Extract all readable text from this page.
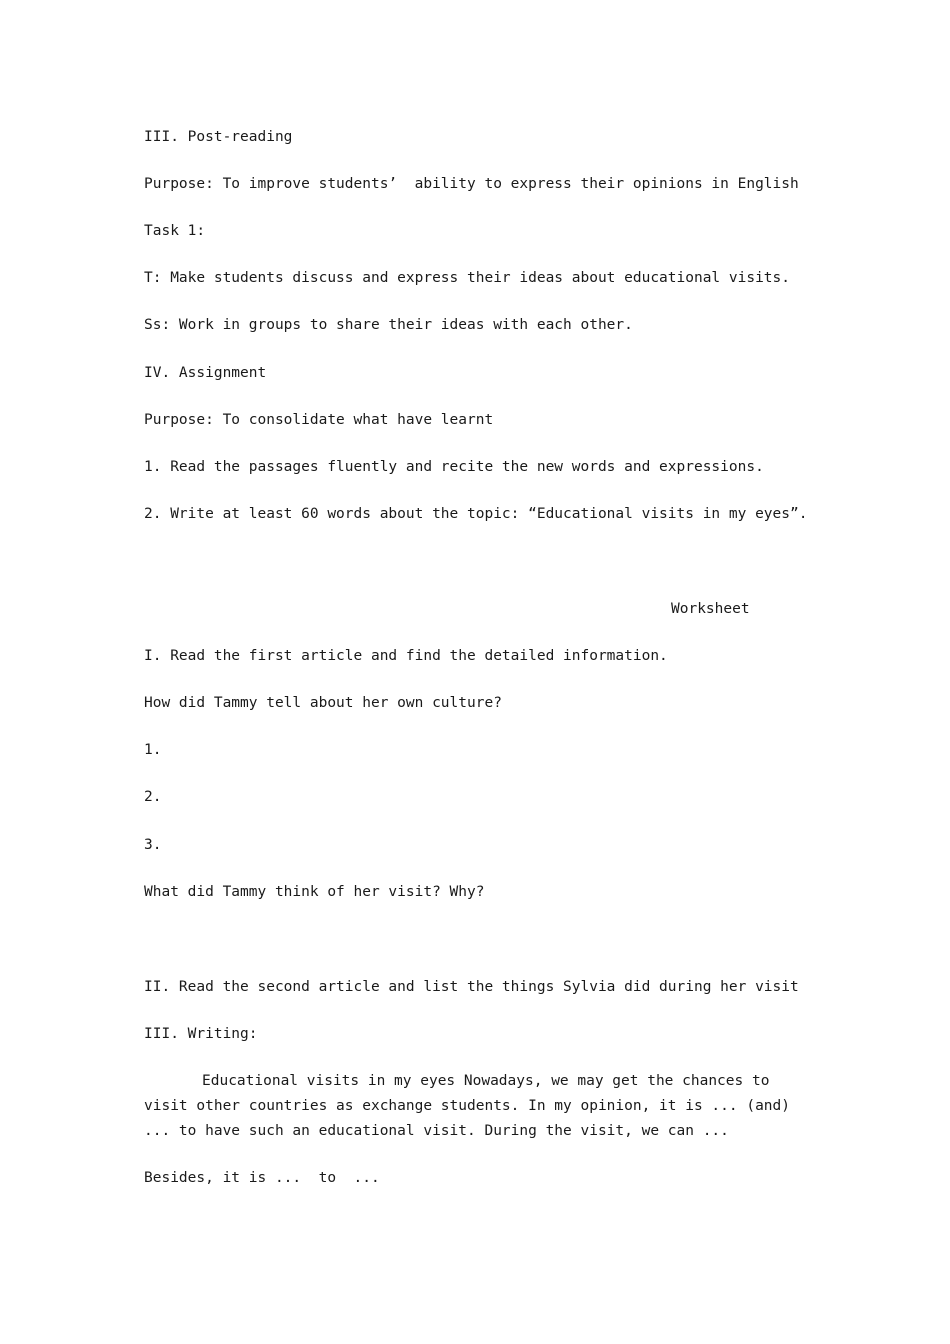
III. Post-reading

Purpose: To improve students’  ability to express their opinions in English

Task 1:

T: Make students discuss and express their ideas about educational visits.

Ss: Work in groups to share their ideas with each other.

IV. Assignment

Purpose: To consolidate what have learnt

1. Read the passages fluently and recite the new words and expressions.

2. Write at least 60 words about the topic: “Educational visits in my eyes”.

Worksheet

I. Read the first article and find the detailed information.

How did Tammy tell about her own culture?

1.

2.

3.

What did Tammy think of her visit? Why?

II. Read the second article and list the things Sylvia did during her visit

III. Writing:

Educational visits in my eyes Nowadays, we may get the chances to visit other countries as exchange students. In my opinion, it is ... (and) ... to have such an educational visit. During the visit, we can ...

Besides, it is ...  to  ...
